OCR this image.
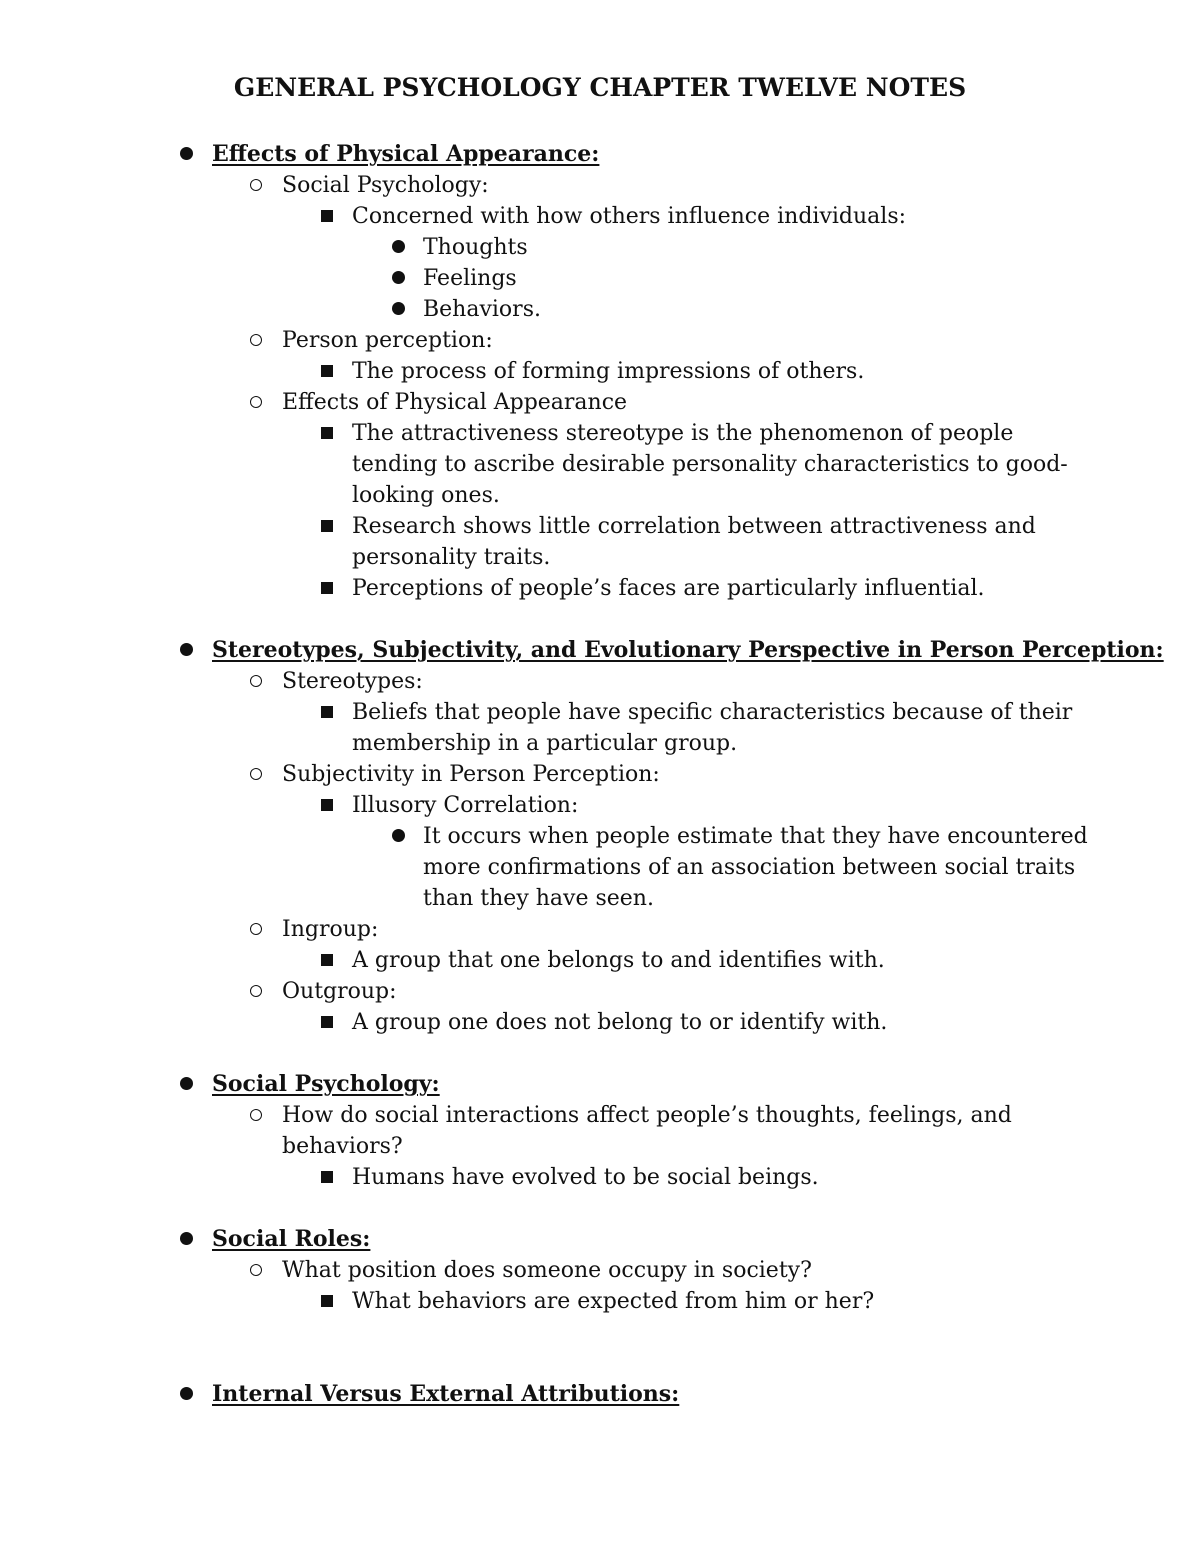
GENERAL PSYCHOLOGY CHAPTER TWELVE NOTES
Effects of Physical Appearance:
Social Psychology:
Concerned with how others influence individuals:
Thoughts
Feelings
Behaviors.
Person perception:
The process of forming impressions of others.
Effects of Physical Appearance
The attractiveness stereotype is the phenomenon of people
tending to ascribe desirable personality characteristics to good-
looking ones.
Research shows little correlation between attractiveness and
personality traits.
Perceptions of people’s faces are particularly influential.
Stereotypes, Subjectivity, and Evolutionary Perspective in Person Perception:
Stereotypes:
Beliefs that people have specific characteristics because of their
membership in a particular group.
Subjectivity in Person Perception:
Illusory Correlation:
It occurs when people estimate that they have encountered
more confirmations of an association between social traits
than they have seen.
Ingroup:
A group that one belongs to and identifies with.
Outgroup:
A group one does not belong to or identify with.
Social Psychology:
How do social interactions affect people’s thoughts, feelings, and
behaviors?
Humans have evolved to be social beings.
Social Roles:
What position does someone occupy in society?
What behaviors are expected from him or her?
Internal Versus External Attributions:
